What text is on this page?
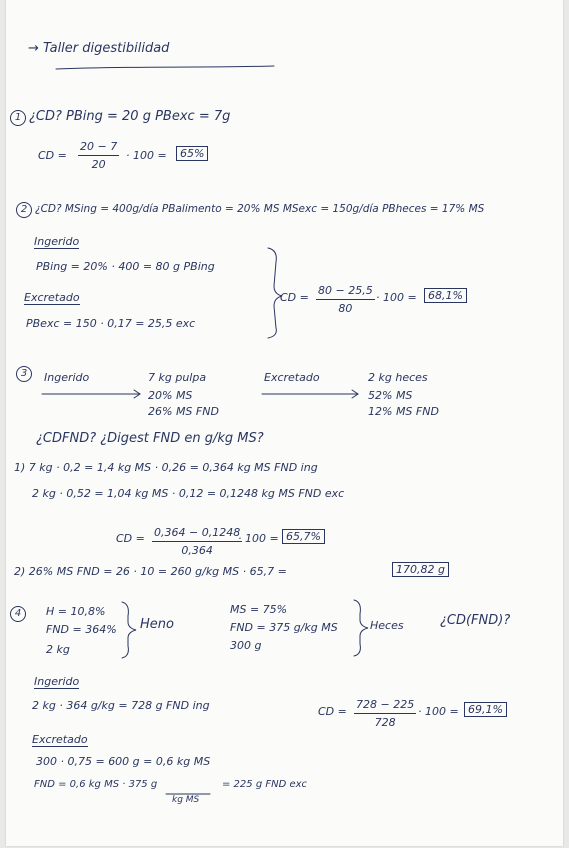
→ Taller digestibilidad
1 ¿CD? PBing = 20 g PBexc = 7g
CD = $\frac{20 - 7}{20} \cdot 100$ =	65%
2 ¿CD? MSing = 400g/día PBalimento = 20% MS MSexc = 150g/día PBheces = 17% MS
Ingerido
PBing = 20% · 400 = 80 g PBing
Excretado
PBexc = 150 · 0,17 = 25,5 exc
CD = $\frac{80 - 25,5}{80} \cdot 100$ =	68,1%
3	Ingerido	7 kg pulpa
20% MS
26% MS FND
Excretado	2 kg heces
52% MS
12% MS FND
¿CDFND? ¿Digest FND en g/kg MS?
1) 7 kg · 0,2 = 1,4 kg MS · 0,26 = 0,364 kg MS FND ing
2 kg · 0,52 = 1,04 kg MS · 0,12 = 0,1248 kg MS FND exc
CD = $\frac{0,364 - 0,1248}{0,364}$
· 100 = 65,7%
2) 26% MS FND = 26 · 10 = 260 g/kg MS · 65,7 =	170,82 g
4	H = 10,8%
FND = 364%
2 kg
Heno
MS = 75%
FND = 375 g/kg MS
300 g
Heces	¿CD(FND)?
Ingerido
2 kg · 364 g/kg = 728 g FND ing
Excretado
300 · 0,75 = 600 g = 0,6 kg MS
FND = 0,6 kg MS · 375 g
kg MS
= 225 g FND exc
CD = $\frac{728 - 225}{728} \cdot 100 = 69,1\%$
